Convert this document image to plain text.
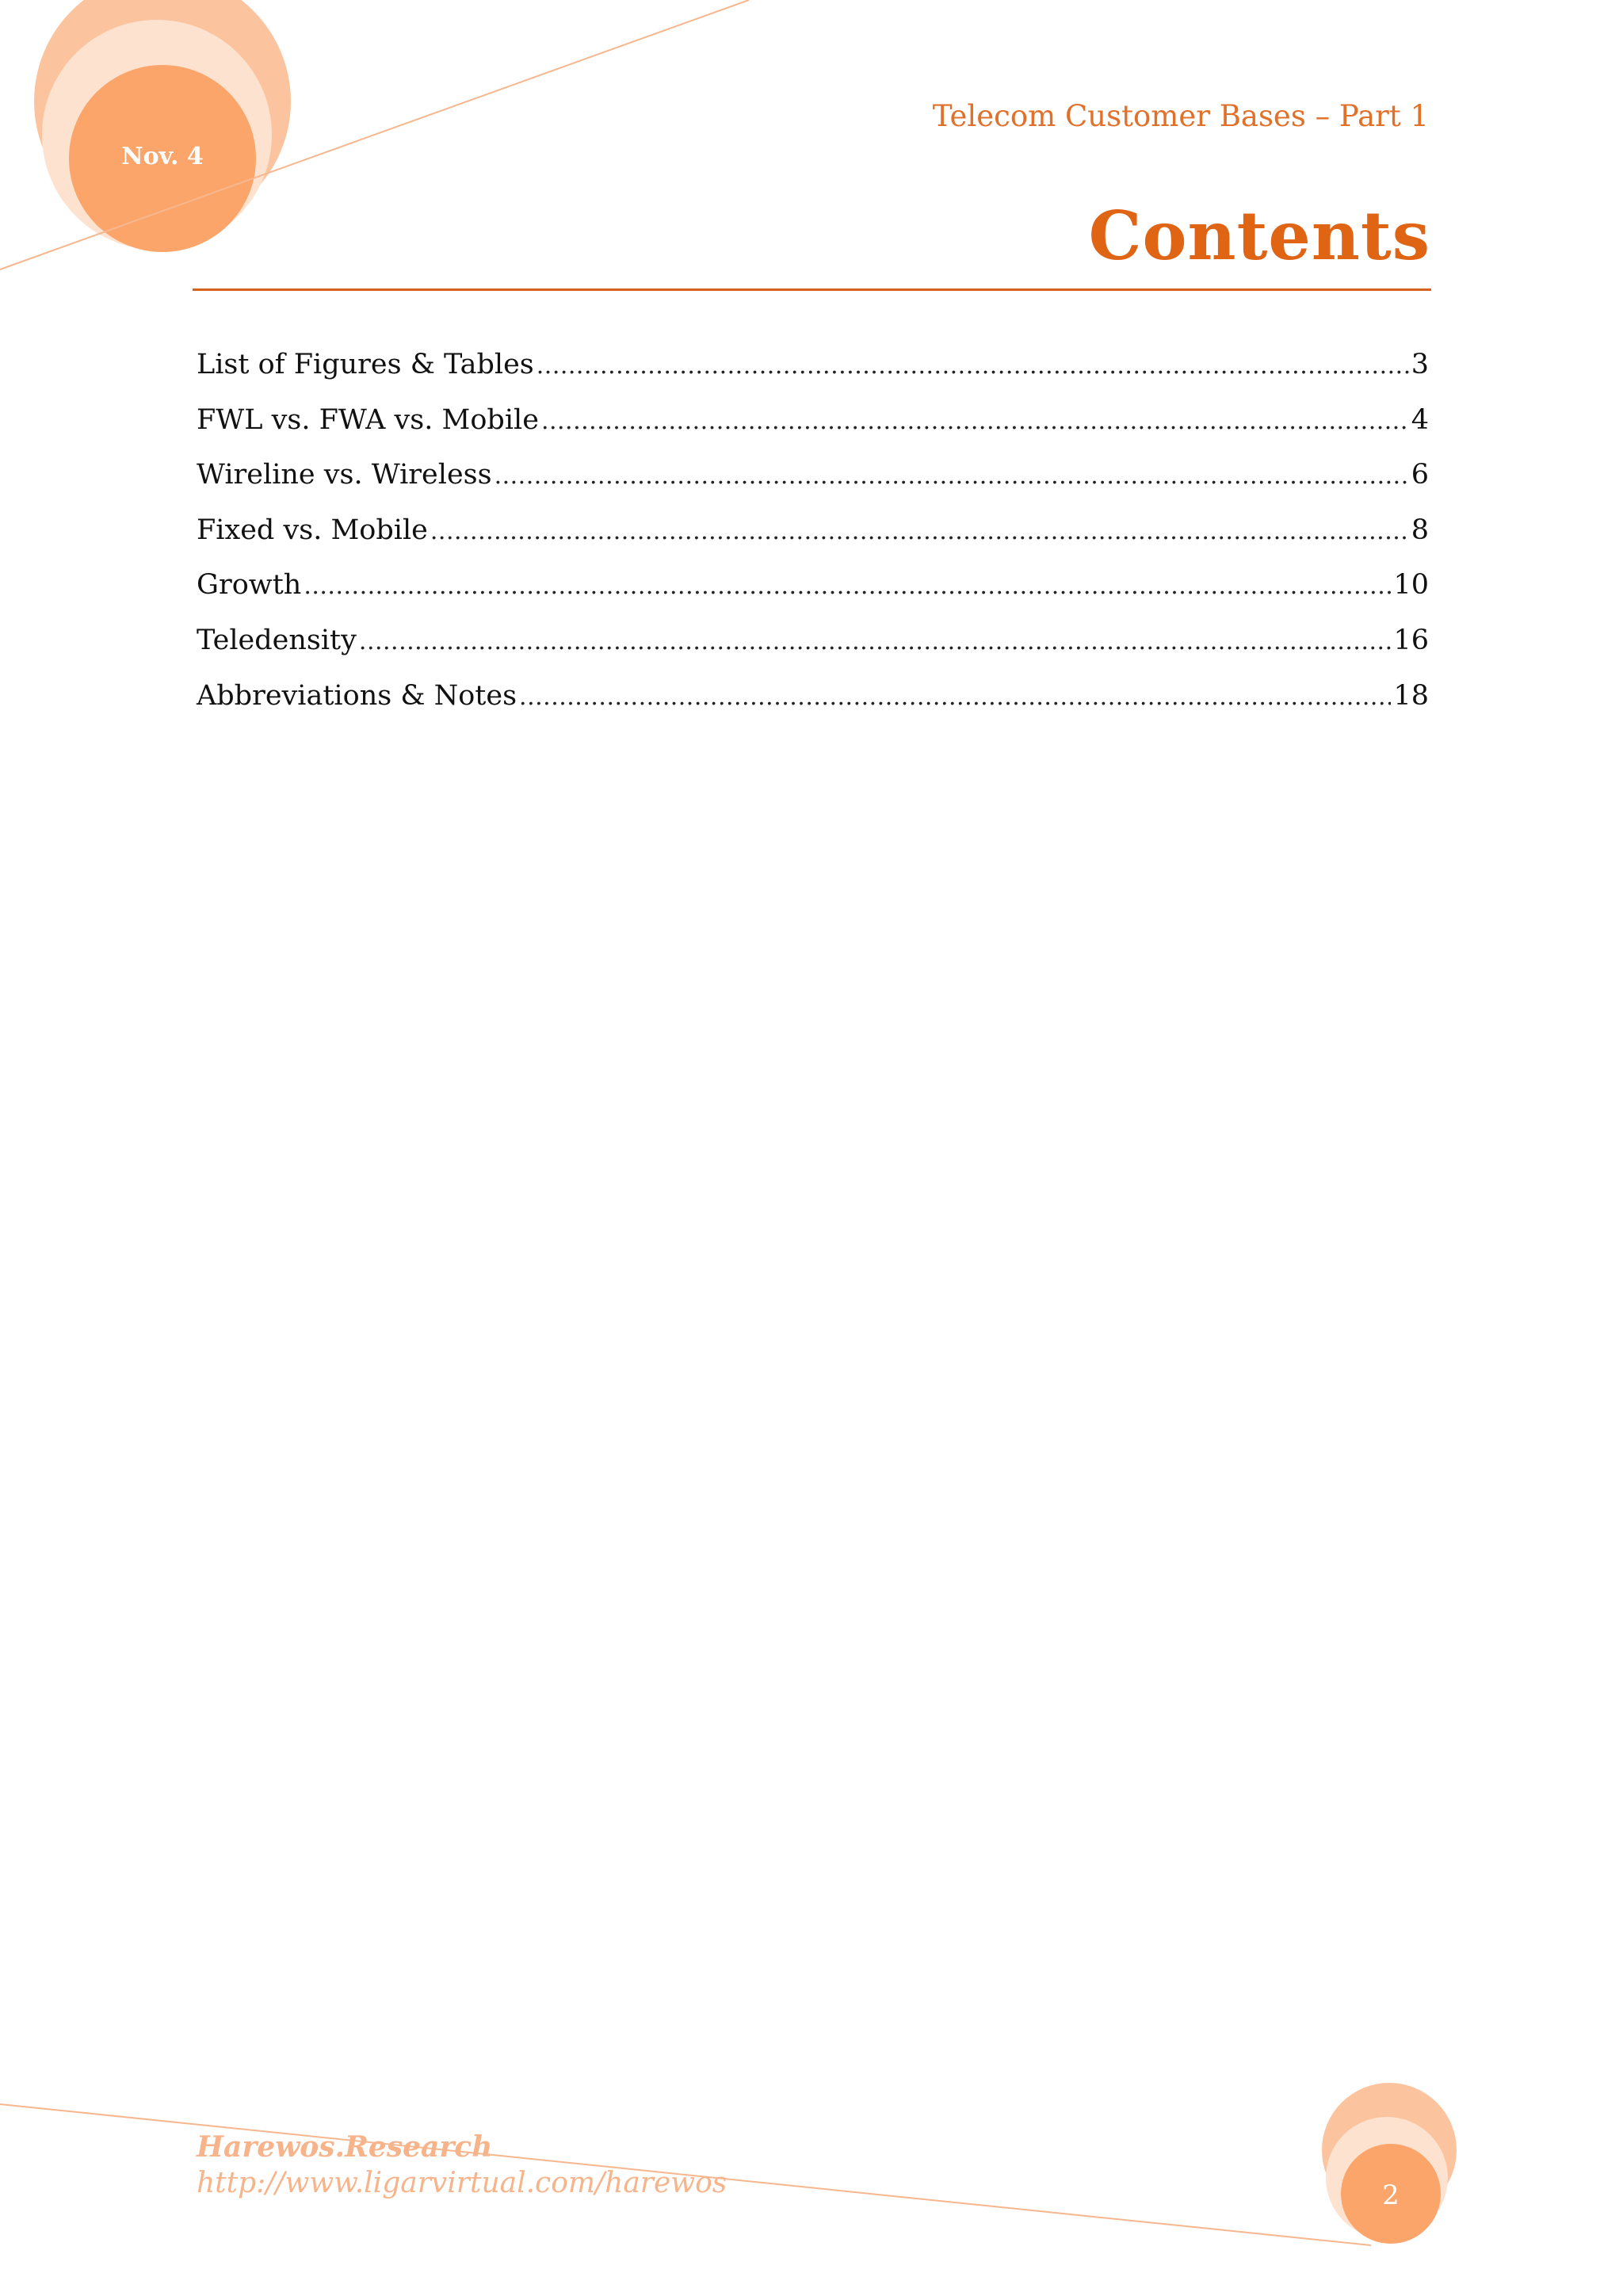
Nov. 4
Telecom Customer Bases – Part 1
Contents
List of Figures & Tables .....	3
FWL vs. FWA vs. Mobile .....	4
Wireline vs. Wireless .....	6
Fixed vs. Mobile .....	8
Growth .....	10
Teledensity .....	16
Abbreviations & Notes .....	18
Harewos.Research
http://www.ligarvirtual.com/harewos	2
